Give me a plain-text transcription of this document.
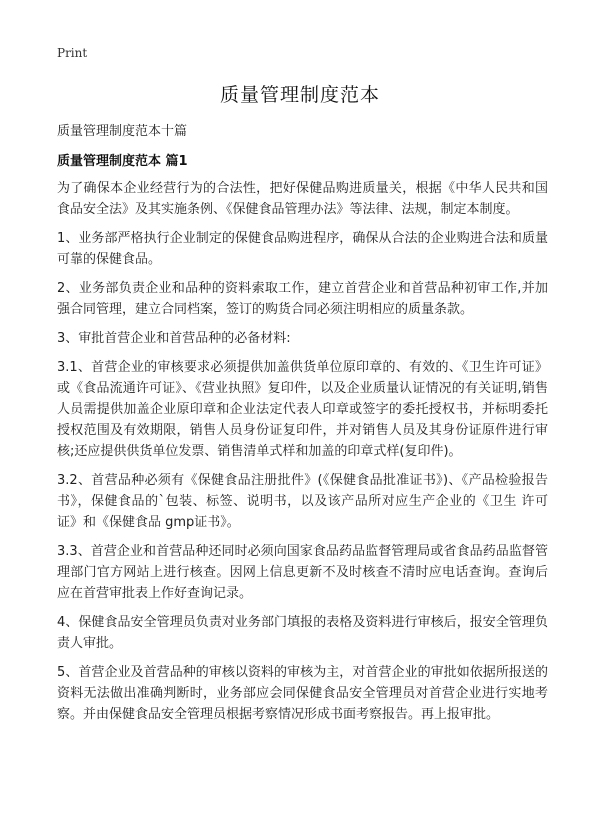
Print
质量管理制度范本
质量管理制度范本十篇
质量管理制度范本 篇1

为了确保本企业经营行为的合法性，把好保健品购进质量关，根据《中华人民共和国食品安全法》及其实施条例、《保健食品管理办法》等法律、法规，制定本制度。

1、业务部严格执行企业制定的保健食品购进程序，确保从合法的企业购进合法和质量可靠的保健食品。

2、业务部负责企业和品种的资料索取工作，建立首营企业和首营品种初审工作,并加强合同管理，建立合同档案，签订的购货合同必须注明相应的质量条款。

3、审批首营企业和首营品种的必备材料:

3.1、首营企业的审核要求必须提供加盖供货单位原印章的、有效的、《卫生许可证》或《食品流通许可证》、《营业执照》复印件，以及企业质量认证情况的有关证明,销售人员需提供加盖企业原印章和企业法定代表人印章或签字的委托授权书，并标明委托授权范围及有效期限，销售人员身份证复印件，并对销售人员及其身份证原件进行审核;还应提供供货单位发票、销售清单式样和加盖的印章式样(复印件)。

3.2、首营品种必须有《保健食品注册批件》(《保健食品批准证书》)、《产品检验报告书》，保健食品的`包装、标签、说明书，以及该产品所对应生产企业的《卫生 许可证》和《保健食品 gmp证书》。

3.3、首营企业和首营品种还同时必须向国家食品药品监督管理局或省食品药品监督管理部门官方网站上进行核查。因网上信息更新不及时核查不清时应电话查询。查询后应在首营审批表上作好查询记录。

4、保健食品安全管理员负责对业务部门填报的表格及资料进行审核后，报安全管理负责人审批。

5、首营企业及首营品种的审核以资料的审核为主，对首营企业的审批如依据所报送的资料无法做出准确判断时，业务部应会同保健食品安全管理员对首营企业进行实地考察。并由保健食品安全管理员根据考察情况形成书面考察报告。再上报审批。
